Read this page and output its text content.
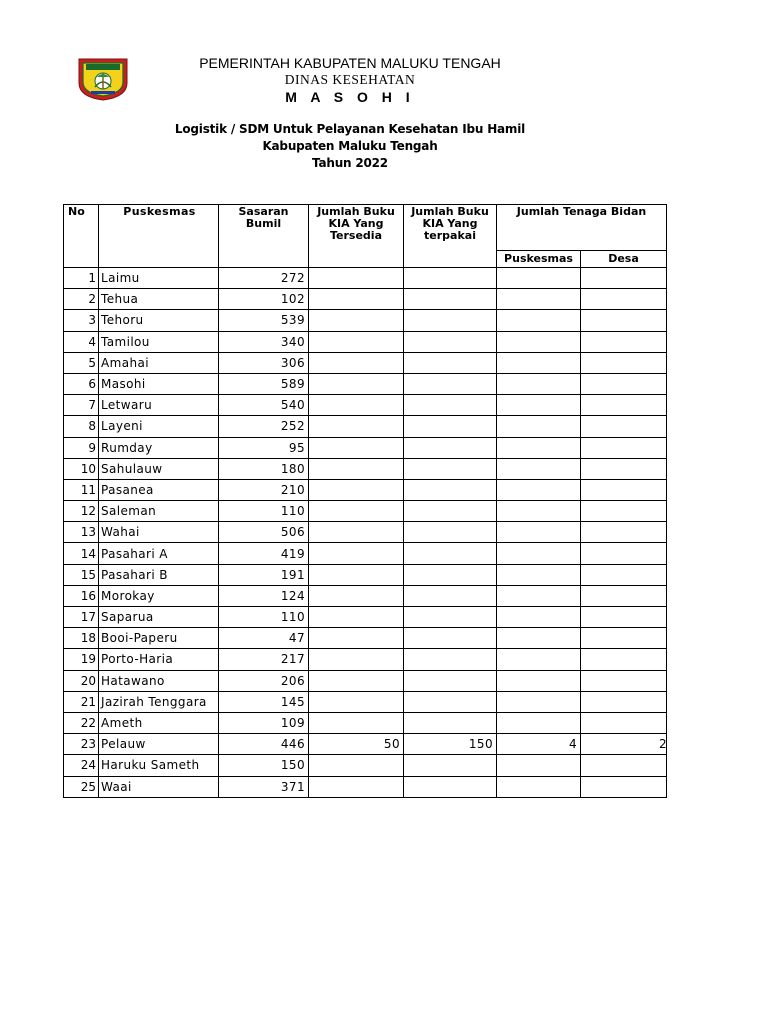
PEMERINTAH KABUPATEN MALUKU TENGAH
DINAS KESEHATAN
M A S O H I
Logistik / SDM Untuk Pelayanan Kesehatan Ibu Hamil
Kabupaten Maluku Tengah
Tahun 2022
No	Puskesmas	Sasaran Bumil	Jumlah Buku KIA Yang Tersedia	Jumlah Buku KIA Yang terpakai	Jumlah Tenaga Bidan
Puskesmas	Desa
1	Laimu	272				
2	Tehua	102				
3	Tehoru	539				
4	Tamilou	340				
5	Amahai	306				
6	Masohi	589				
7	Letwaru	540				
8	Layeni	252				
9	Rumday	95				
10	Sahulauw	180				
11	Pasanea	210				
12	Saleman	110				
13	Wahai	506				
14	Pasahari A	419				
15	Pasahari B	191				
16	Morokay	124				
17	Saparua	110				
18	Booi-Paperu	47				
19	Porto-Haria	217				
20	Hatawano	206				
21	Jazirah Tenggara	145				
22	Ameth	109				
23	Pelauw	446	50	150	4	2
24	Haruku Sameth	150				
25	Waai	371				
